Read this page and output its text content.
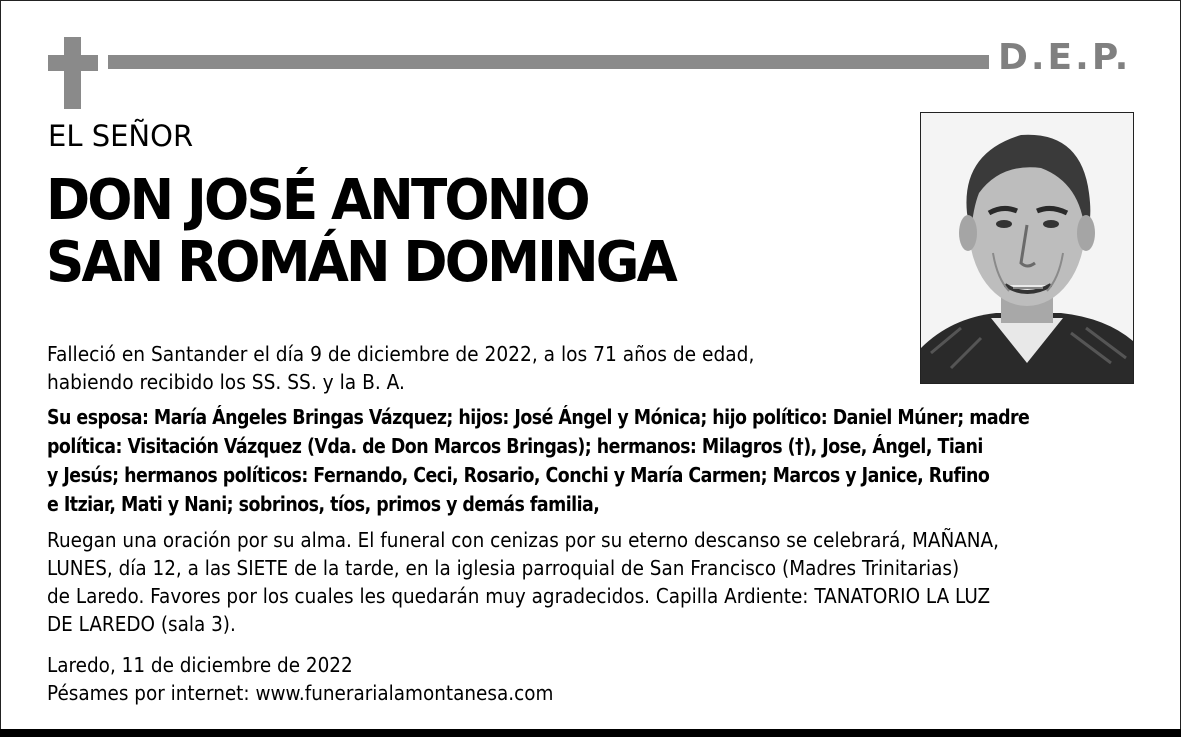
D.E.P.
EL SEÑOR
DON JOSÉ ANTONIO
SAN ROMÁN DOMINGA
Falleció en Santander el día 9 de diciembre de 2022, a los 71 años de edad,
habiendo recibido los SS. SS. y la B. A.
Su esposa: María Ángeles Bringas Vázquez; hijos: José Ángel y Mónica; hijo político: Daniel Múner; madre
política: Visitación Vázquez (Vda. de Don Marcos Bringas); hermanos: Milagros (†), Jose, Ángel, Tiani
y Jesús; hermanos políticos: Fernando, Ceci, Rosario, Conchi y María Carmen; Marcos y Janice, Rufino
e Itziar, Mati y Nani; sobrinos, tíos, primos y demás familia,
Ruegan una oración por su alma. El funeral con cenizas por su eterno descanso se celebrará, MAÑANA,
LUNES, día 12, a las SIETE de la tarde, en la iglesia parroquial de San Francisco (Madres Trinitarias)
de Laredo. Favores por los cuales les quedarán muy agradecidos. Capilla Ardiente: TANATORIO LA LUZ
DE LAREDO (sala 3).
Laredo, 11 de diciembre de 2022
Pésames por internet: www.funerarialamontanesa.com
